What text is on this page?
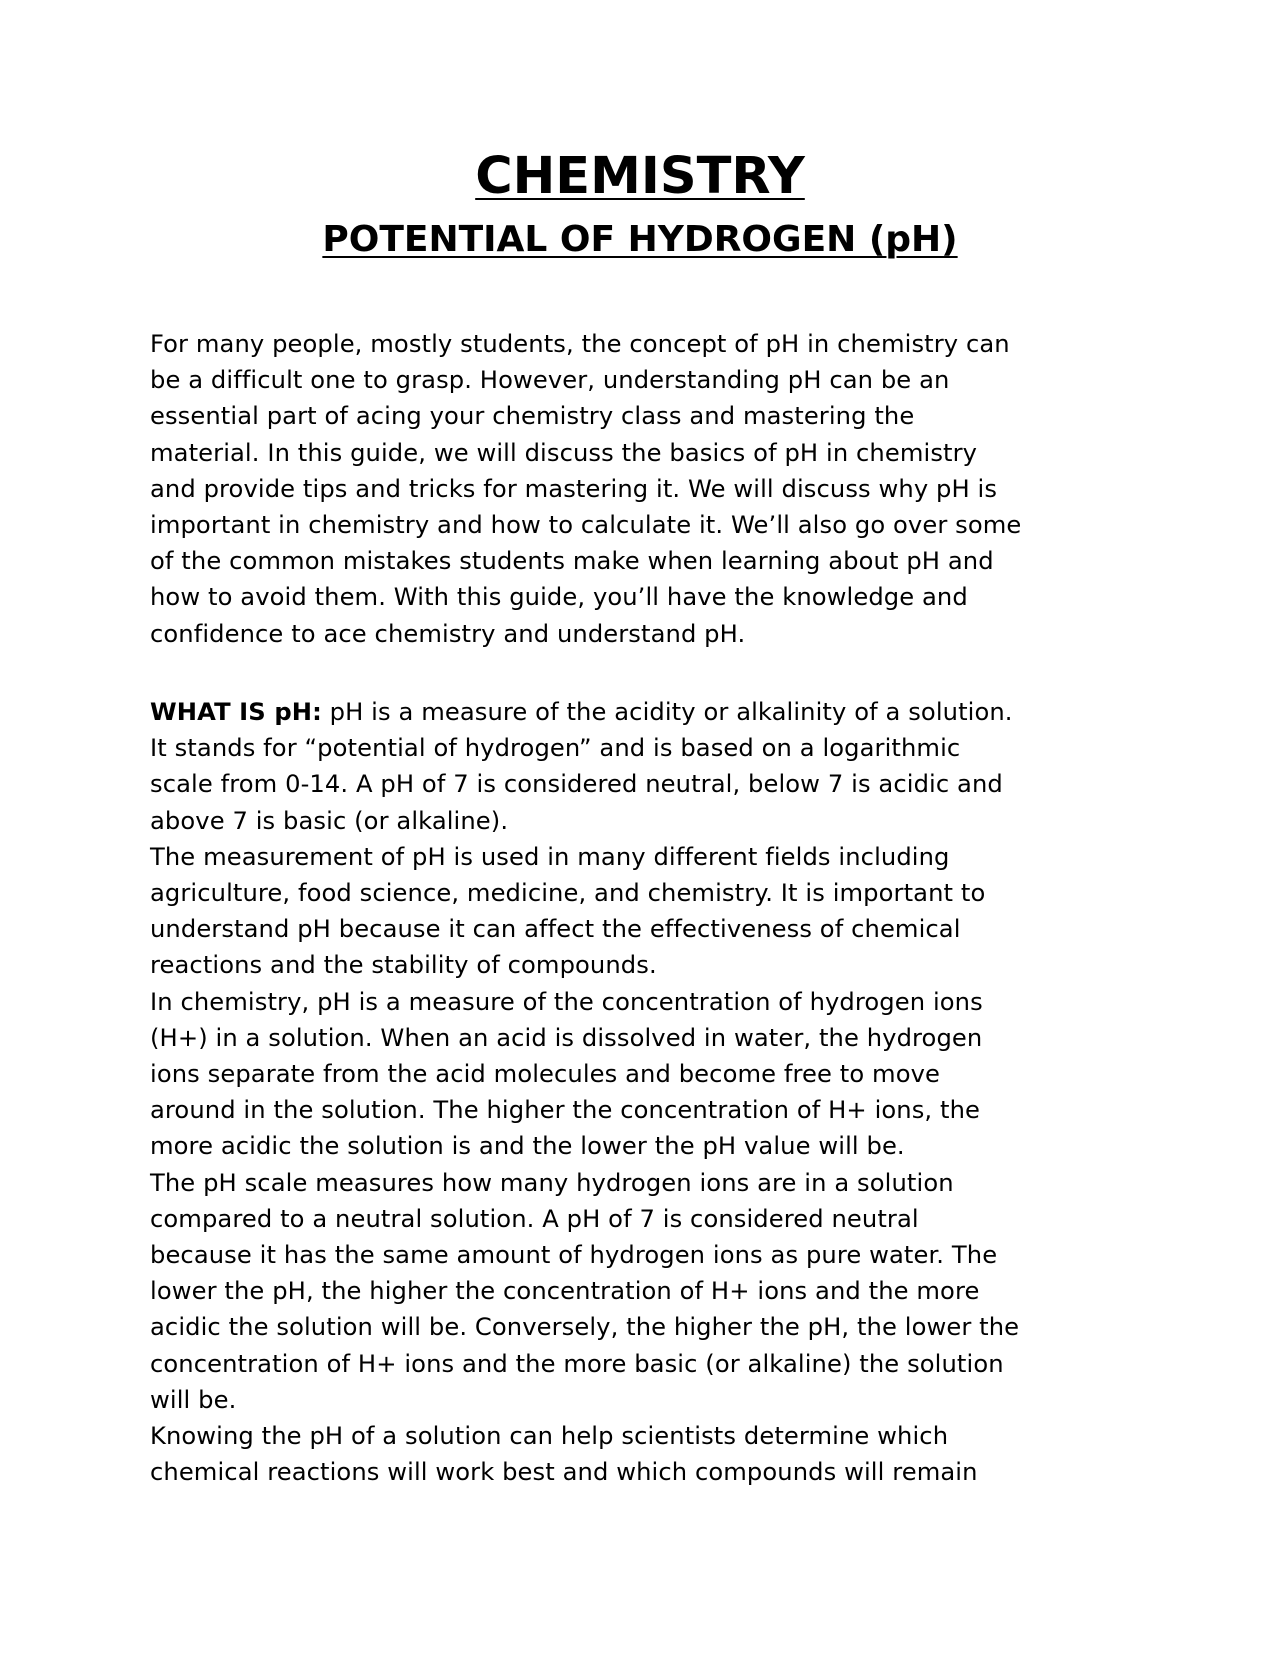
CHEMISTRY
POTENTIAL OF HYDROGEN (pH)

For many people, mostly students, the concept of pH in chemistry can

be a difficult one to grasp. However, understanding pH can be an

essential part of acing your chemistry class and mastering the

material. In this guide, we will discuss the basics of pH in chemistry

and provide tips and tricks for mastering it. We will discuss why pH is

important in chemistry and how to calculate it. We’ll also go over some

of the common mistakes students make when learning about pH and

how to avoid them. With this guide, you’ll have the knowledge and

confidence to ace chemistry and understand pH.

WHAT IS pH: pH is a measure of the acidity or alkalinity of a solution.

It stands for “potential of hydrogen” and is based on a logarithmic

scale from 0-14. A pH of 7 is considered neutral, below 7 is acidic and

above 7 is basic (or alkaline).

The measurement of pH is used in many different fields including

agriculture, food science, medicine, and chemistry. It is important to

understand pH because it can affect the effectiveness of chemical

reactions and the stability of compounds.

In chemistry, pH is a measure of the concentration of hydrogen ions

(H+) in a solution. When an acid is dissolved in water, the hydrogen

ions separate from the acid molecules and become free to move

around in the solution. The higher the concentration of H+ ions, the

more acidic the solution is and the lower the pH value will be.

The pH scale measures how many hydrogen ions are in a solution

compared to a neutral solution. A pH of 7 is considered neutral

because it has the same amount of hydrogen ions as pure water. The

lower the pH, the higher the concentration of H+ ions and the more

acidic the solution will be. Conversely, the higher the pH, the lower the

concentration of H+ ions and the more basic (or alkaline) the solution

will be.

Knowing the pH of a solution can help scientists determine which

chemical reactions will work best and which compounds will remain
